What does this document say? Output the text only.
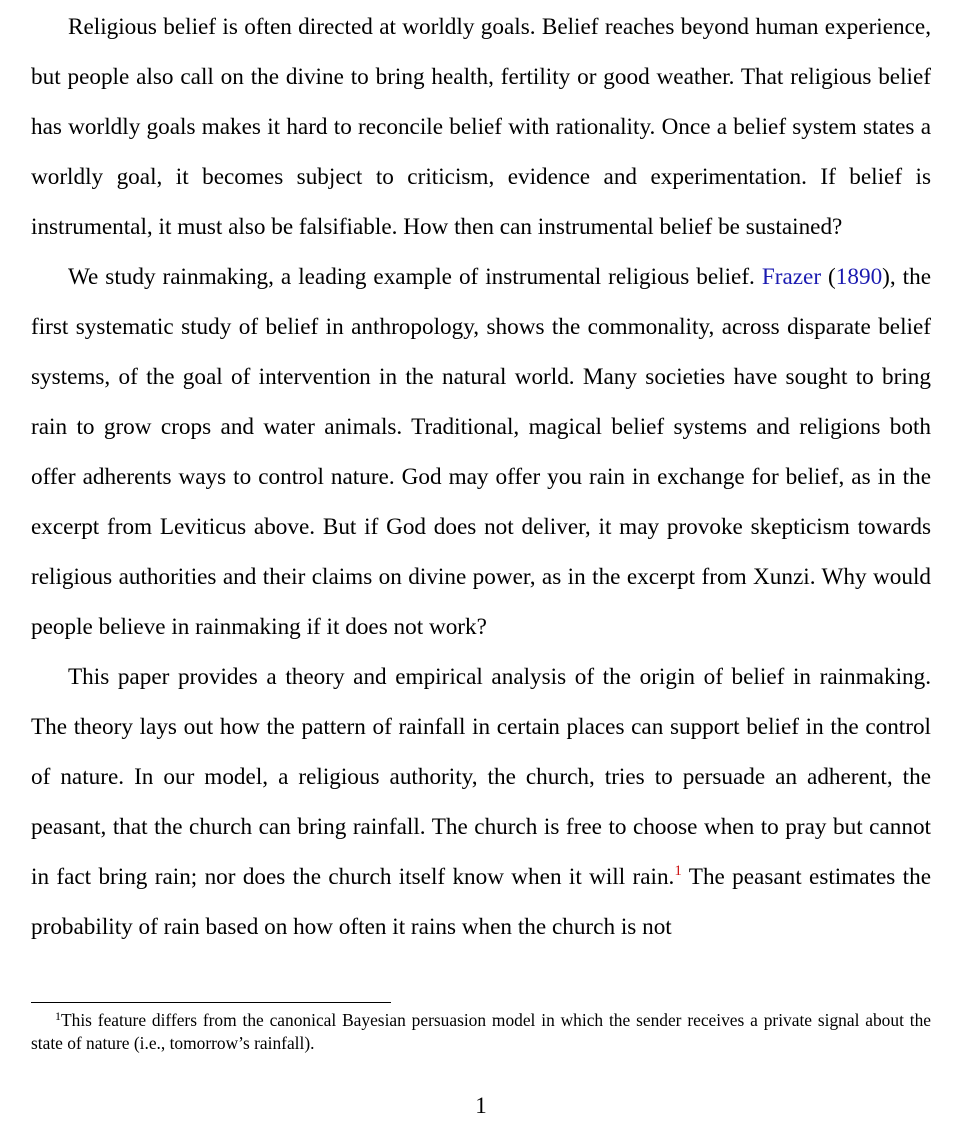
Religious belief is often directed at worldly goals. Belief reaches beyond human experience, but people also call on the divine to bring health, fertility or good weather. That religious belief has worldly goals makes it hard to reconcile belief with rationality. Once a belief system states a worldly goal, it becomes subject to criticism, evidence and experimentation. If belief is instrumental, it must also be falsifiable. How then can instrumental belief be sustained?

We study rainmaking, a leading example of instrumental religious belief. Frazer (1890), the first systematic study of belief in anthropology, shows the commonality, across disparate belief systems, of the goal of intervention in the natural world. Many societies have sought to bring rain to grow crops and water animals. Traditional, magical belief systems and religions both offer adherents ways to control nature. God may offer you rain in exchange for belief, as in the excerpt from Leviticus above. But if God does not deliver, it may provoke skepticism towards religious authorities and their claims on divine power, as in the excerpt from Xunzi. Why would people believe in rainmaking if it does not work?

This paper provides a theory and empirical analysis of the origin of belief in rainmaking. The theory lays out how the pattern of rainfall in certain places can support belief in the control of nature. In our model, a religious authority, the church, tries to persuade an adherent, the peasant, that the church can bring rainfall. The church is free to choose when to pray but cannot in fact bring rain; nor does the church itself know when it will rain.$^1$ The peasant estimates the probability of rain based on how often it rains when the church is not

$^1$This feature differs from the canonical Bayesian persuasion model in which the sender receives a private signal about the state of nature (i.e., tomorrow’s rainfall).

1
